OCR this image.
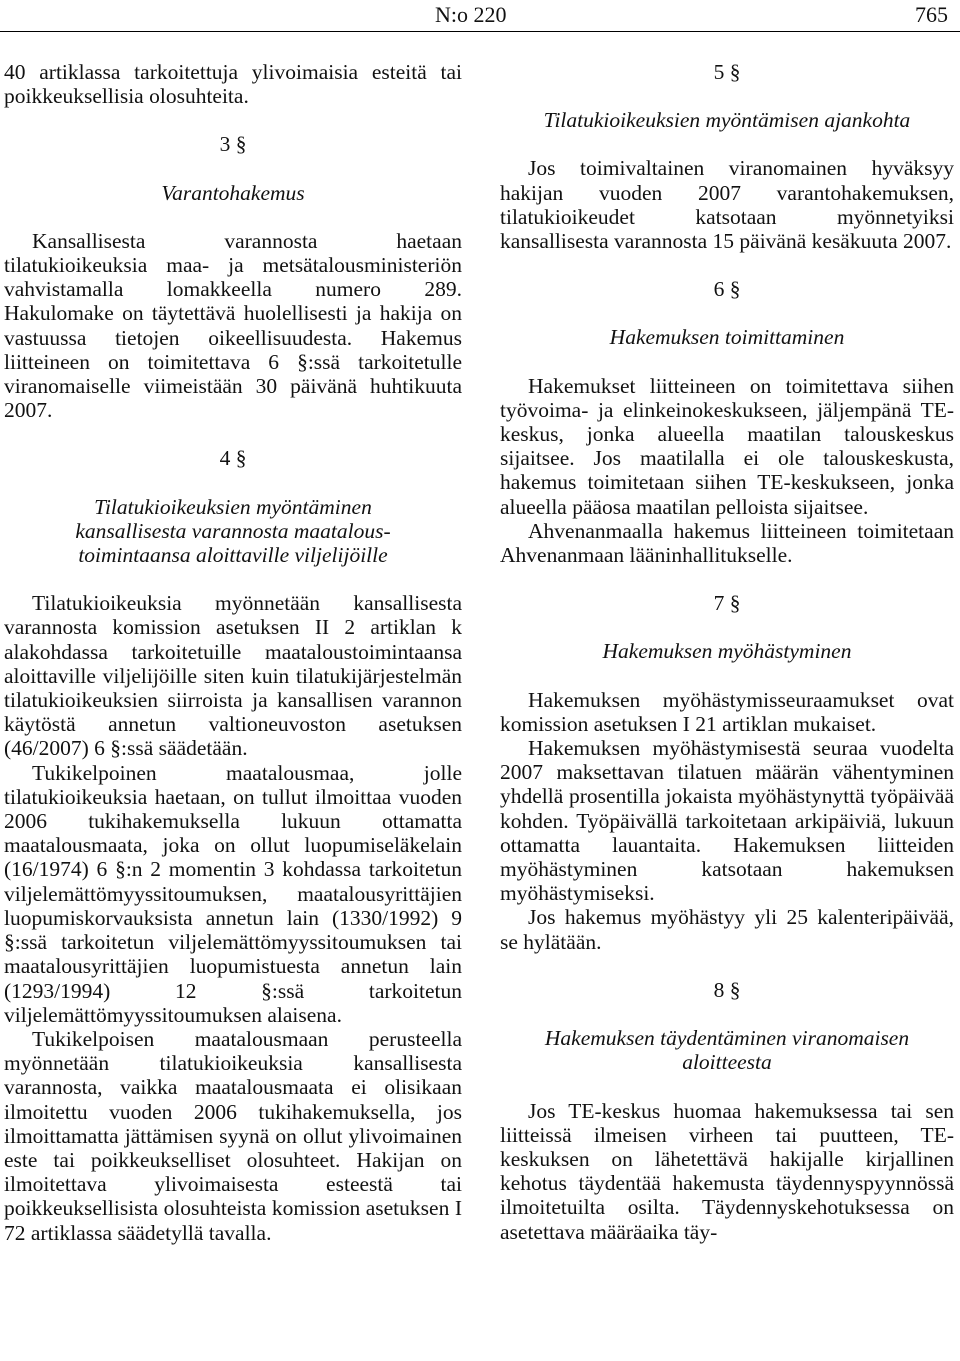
N:o 220	765

40 artiklassa tarkoitettuja ylivoimaisia esteitä tai poikkeuksellisia olosuhteita.

3 §
Varantohakemus

Kansallisesta varannosta haetaan tilatukioikeuksia maa- ja metsätalousministeriön vahvistamalla lomakkeella numero 289. Hakulomake on täytettävä huolellisesti ja hakija on vastuussa tietojen oikeellisuudesta. Hakemus liitteineen on toimitettava 6 §:ssä tarkoitetulle viranomaiselle viimeistään 30 päivänä huhtikuuta 2007.

4 §
Tilatukioikeuksien myöntäminen
kansallisesta varannosta maatalous-
toimintaansa aloittaville viljelijöille

Tilatukioikeuksia myönnetään kansallisesta varannosta komission asetuksen II 2 artiklan k alakohdassa tarkoitetuille maataloustoimintaansa aloittaville viljelijöille siten kuin tilatukijärjestelmän tilatukioikeuksien siirroista ja kansallisen varannon käytöstä annetun valtioneuvoston asetuksen (46/2007) 6 §:ssä säädetään.

Tukikelpoinen maatalousmaa, jolle tilatukioikeuksia haetaan, on tullut ilmoittaa vuoden 2006 tukihakemuksella lukuun ottamatta maatalousmaata, joka on ollut luopumiseläkelain (16/1974) 6 §:n 2 momentin 3 kohdassa tarkoitetun viljelemättömyyssitoumuksen, maatalousyrittäjien luopumiskorvauksista annetun lain (1330/1992) 9 §:ssä tarkoitetun viljelemättömyyssitoumuksen tai maatalousyrittäjien luopumistuesta annetun lain (1293/1994) 12 §:ssä tarkoitetun viljelemättömyyssitoumuksen alaisena.

Tukikelpoisen maatalousmaan perusteella myönnetään tilatukioikeuksia kansallisesta varannosta, vaikka maatalousmaata ei olisikaan ilmoitettu vuoden 2006 tukihakemuksella, jos ilmoittamatta jättämisen syynä on ollut ylivoimainen este tai poikkeukselliset olosuhteet. Hakijan on ilmoitettava ylivoimaisesta esteestä tai poikkeuksellisista olosuhteista komission asetuksen I 72 artiklassa säädetyllä tavalla.

5 §
Tilatukioikeuksien myöntämisen ajankohta

Jos toimivaltainen viranomainen hyväksyy hakijan vuoden 2007 varantohakemuksen, tilatukioikeudet katsotaan myönnetyiksi kansallisesta varannosta 15 päivänä kesäkuuta 2007.

6 §
Hakemuksen toimittaminen

Hakemukset liitteineen on toimitettava siihen työvoima- ja elinkeinokeskukseen, jäljempänä TE-keskus, jonka alueella maatilan talouskeskus sijaitsee. Jos maatilalla ei ole talouskeskusta, hakemus toimitetaan siihen TE-keskukseen, jonka alueella pääosa maatilan pelloista sijaitsee.

Ahvenanmaalla hakemus liitteineen toimitetaan Ahvenanmaan lääninhallitukselle.

7 §
Hakemuksen myöhästyminen

Hakemuksen myöhästymisseuraamukset ovat komission asetuksen I 21 artiklan mukaiset.

Hakemuksen myöhästymisestä seuraa vuodelta 2007 maksettavan tilatuen määrän vähentyminen yhdellä prosentilla jokaista myöhästynyttä työpäivää kohden. Työpäivällä tarkoitetaan arkipäiviä, lukuun ottamatta lauantaita. Hakemuksen liitteiden myöhästyminen katsotaan hakemuksen myöhästymiseksi.

Jos hakemus myöhästyy yli 25 kalenteripäivää, se hylätään.

8 §
Hakemuksen täydentäminen viranomaisen
aloitteesta

Jos TE-keskus huomaa hakemuksessa tai sen liitteissä ilmeisen virheen tai puutteen, TE-keskuksen on lähetettävä hakijalle kirjallinen kehotus täydentää hakemusta täydennyspyynnössä ilmoitetuilta osilta. Täydennyskehotuksessa on asetettava määräaika täy-
